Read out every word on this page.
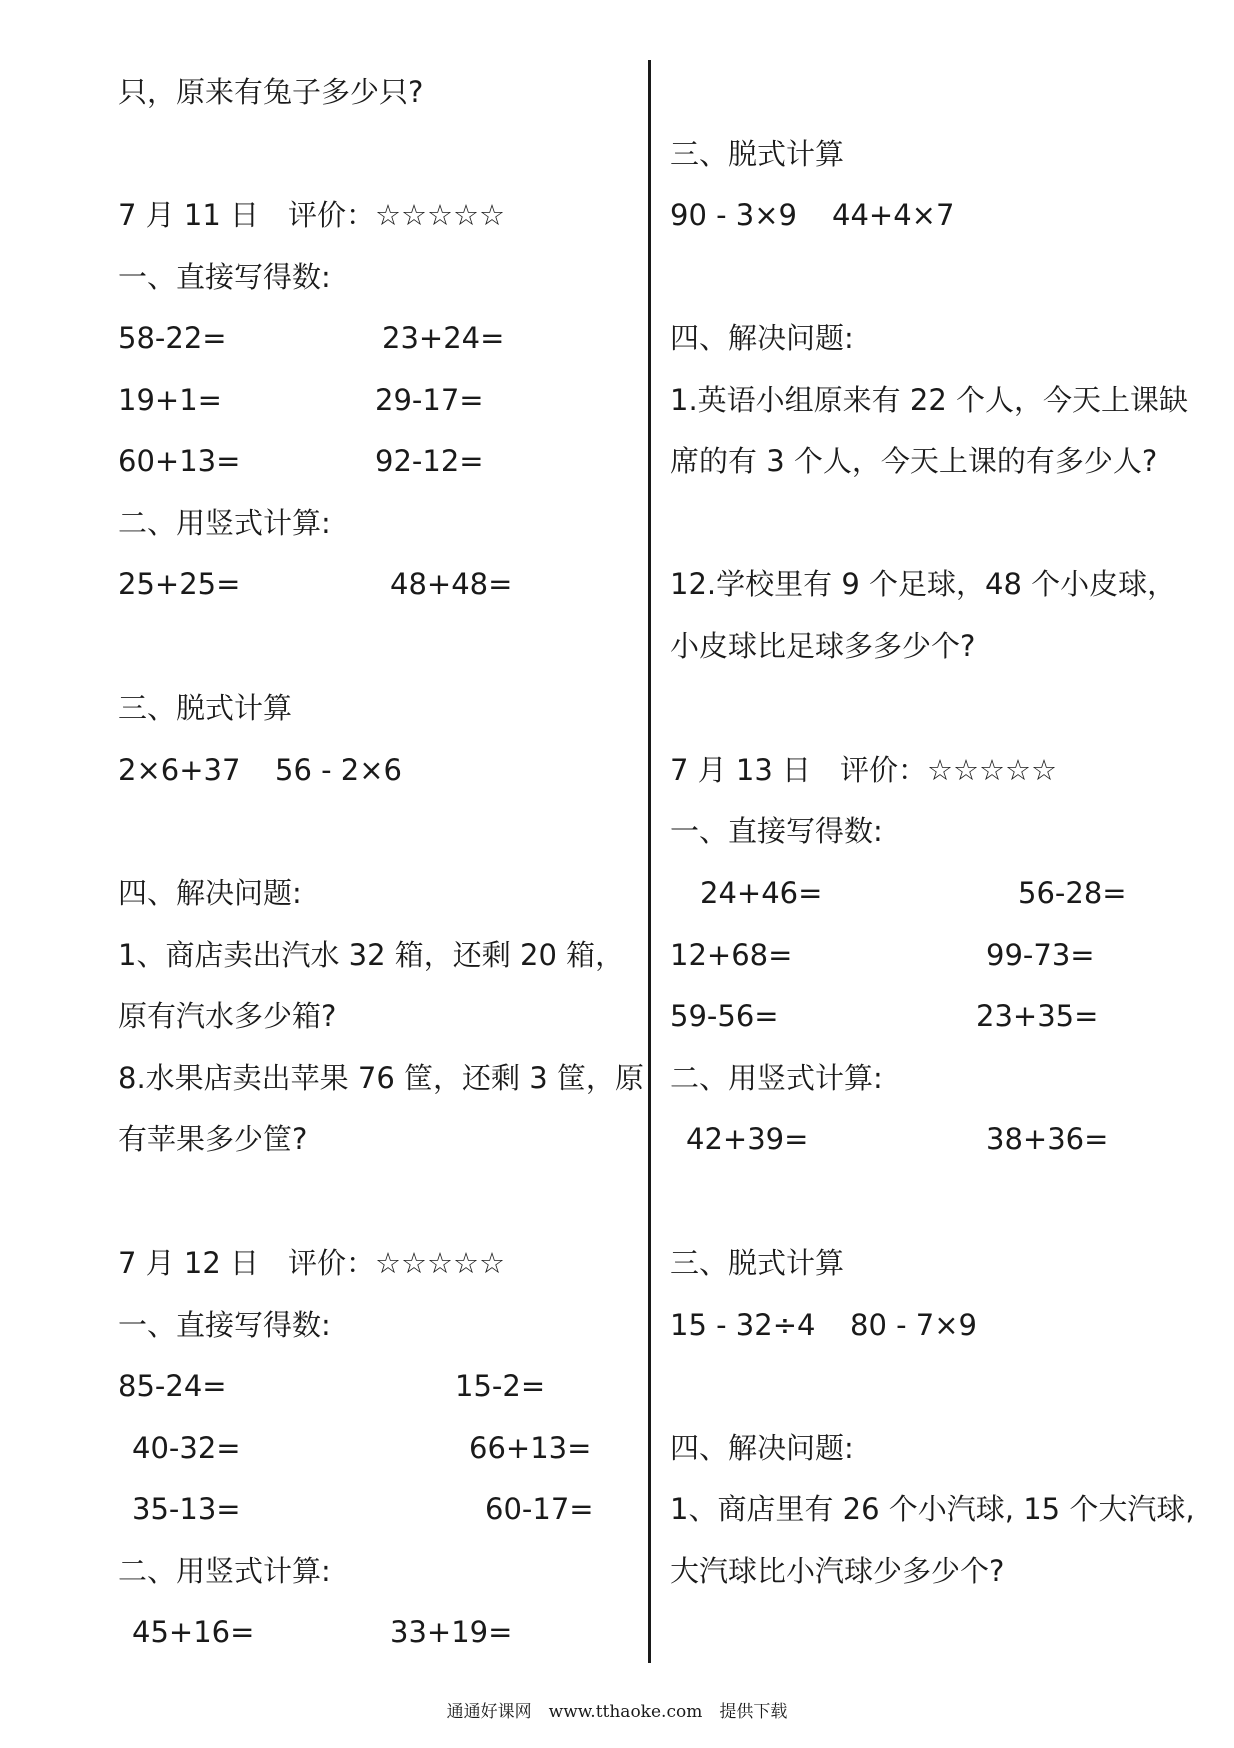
只，原来有兔子多少只?
7 月 11 日　评价：☆☆☆☆☆
一、直接写得数:
58-22=	23+24=
19+1=	29-17=
60+13=	92-12=
二、用竖式计算:
25+25=	48+48=
三、脱式计算
2×6+37 56 - 2×6
四、解决问题:
1、商店卖出汽水 32 箱，还剩 20 箱，
原有汽水多少箱?
8.水果店卖出苹果 76 筐，还剩 3 筐，原
有苹果多少筐?
7 月 12 日　评价：☆☆☆☆☆
一、直接写得数:
85-24=	15-2=
40-32=	66+13=
35-13=	60-17=
二、用竖式计算:
45+16=	33+19=
三、脱式计算
90 - 3×9 44+4×7
四、解决问题:
1.英语小组原来有 22 个人，今天上课缺
席的有 3 个人，今天上课的有多少人?
12.学校里有 9 个足球，48 个小皮球，
小皮球比足球多多少个?
7 月 13 日　评价：☆☆☆☆☆
一、直接写得数:
24+46=	56-28=
12+68=	99-73=
59-56=	23+35=
二、用竖式计算:
42+39=	38+36=
三、脱式计算
15 - 32÷4 80 - 7×9
四、解决问题:
1、商店里有 26 个小汽球, 15 个大汽球,
大汽球比小汽球少多少个?
通通好课网　www.tthaoke.com　提供下载
